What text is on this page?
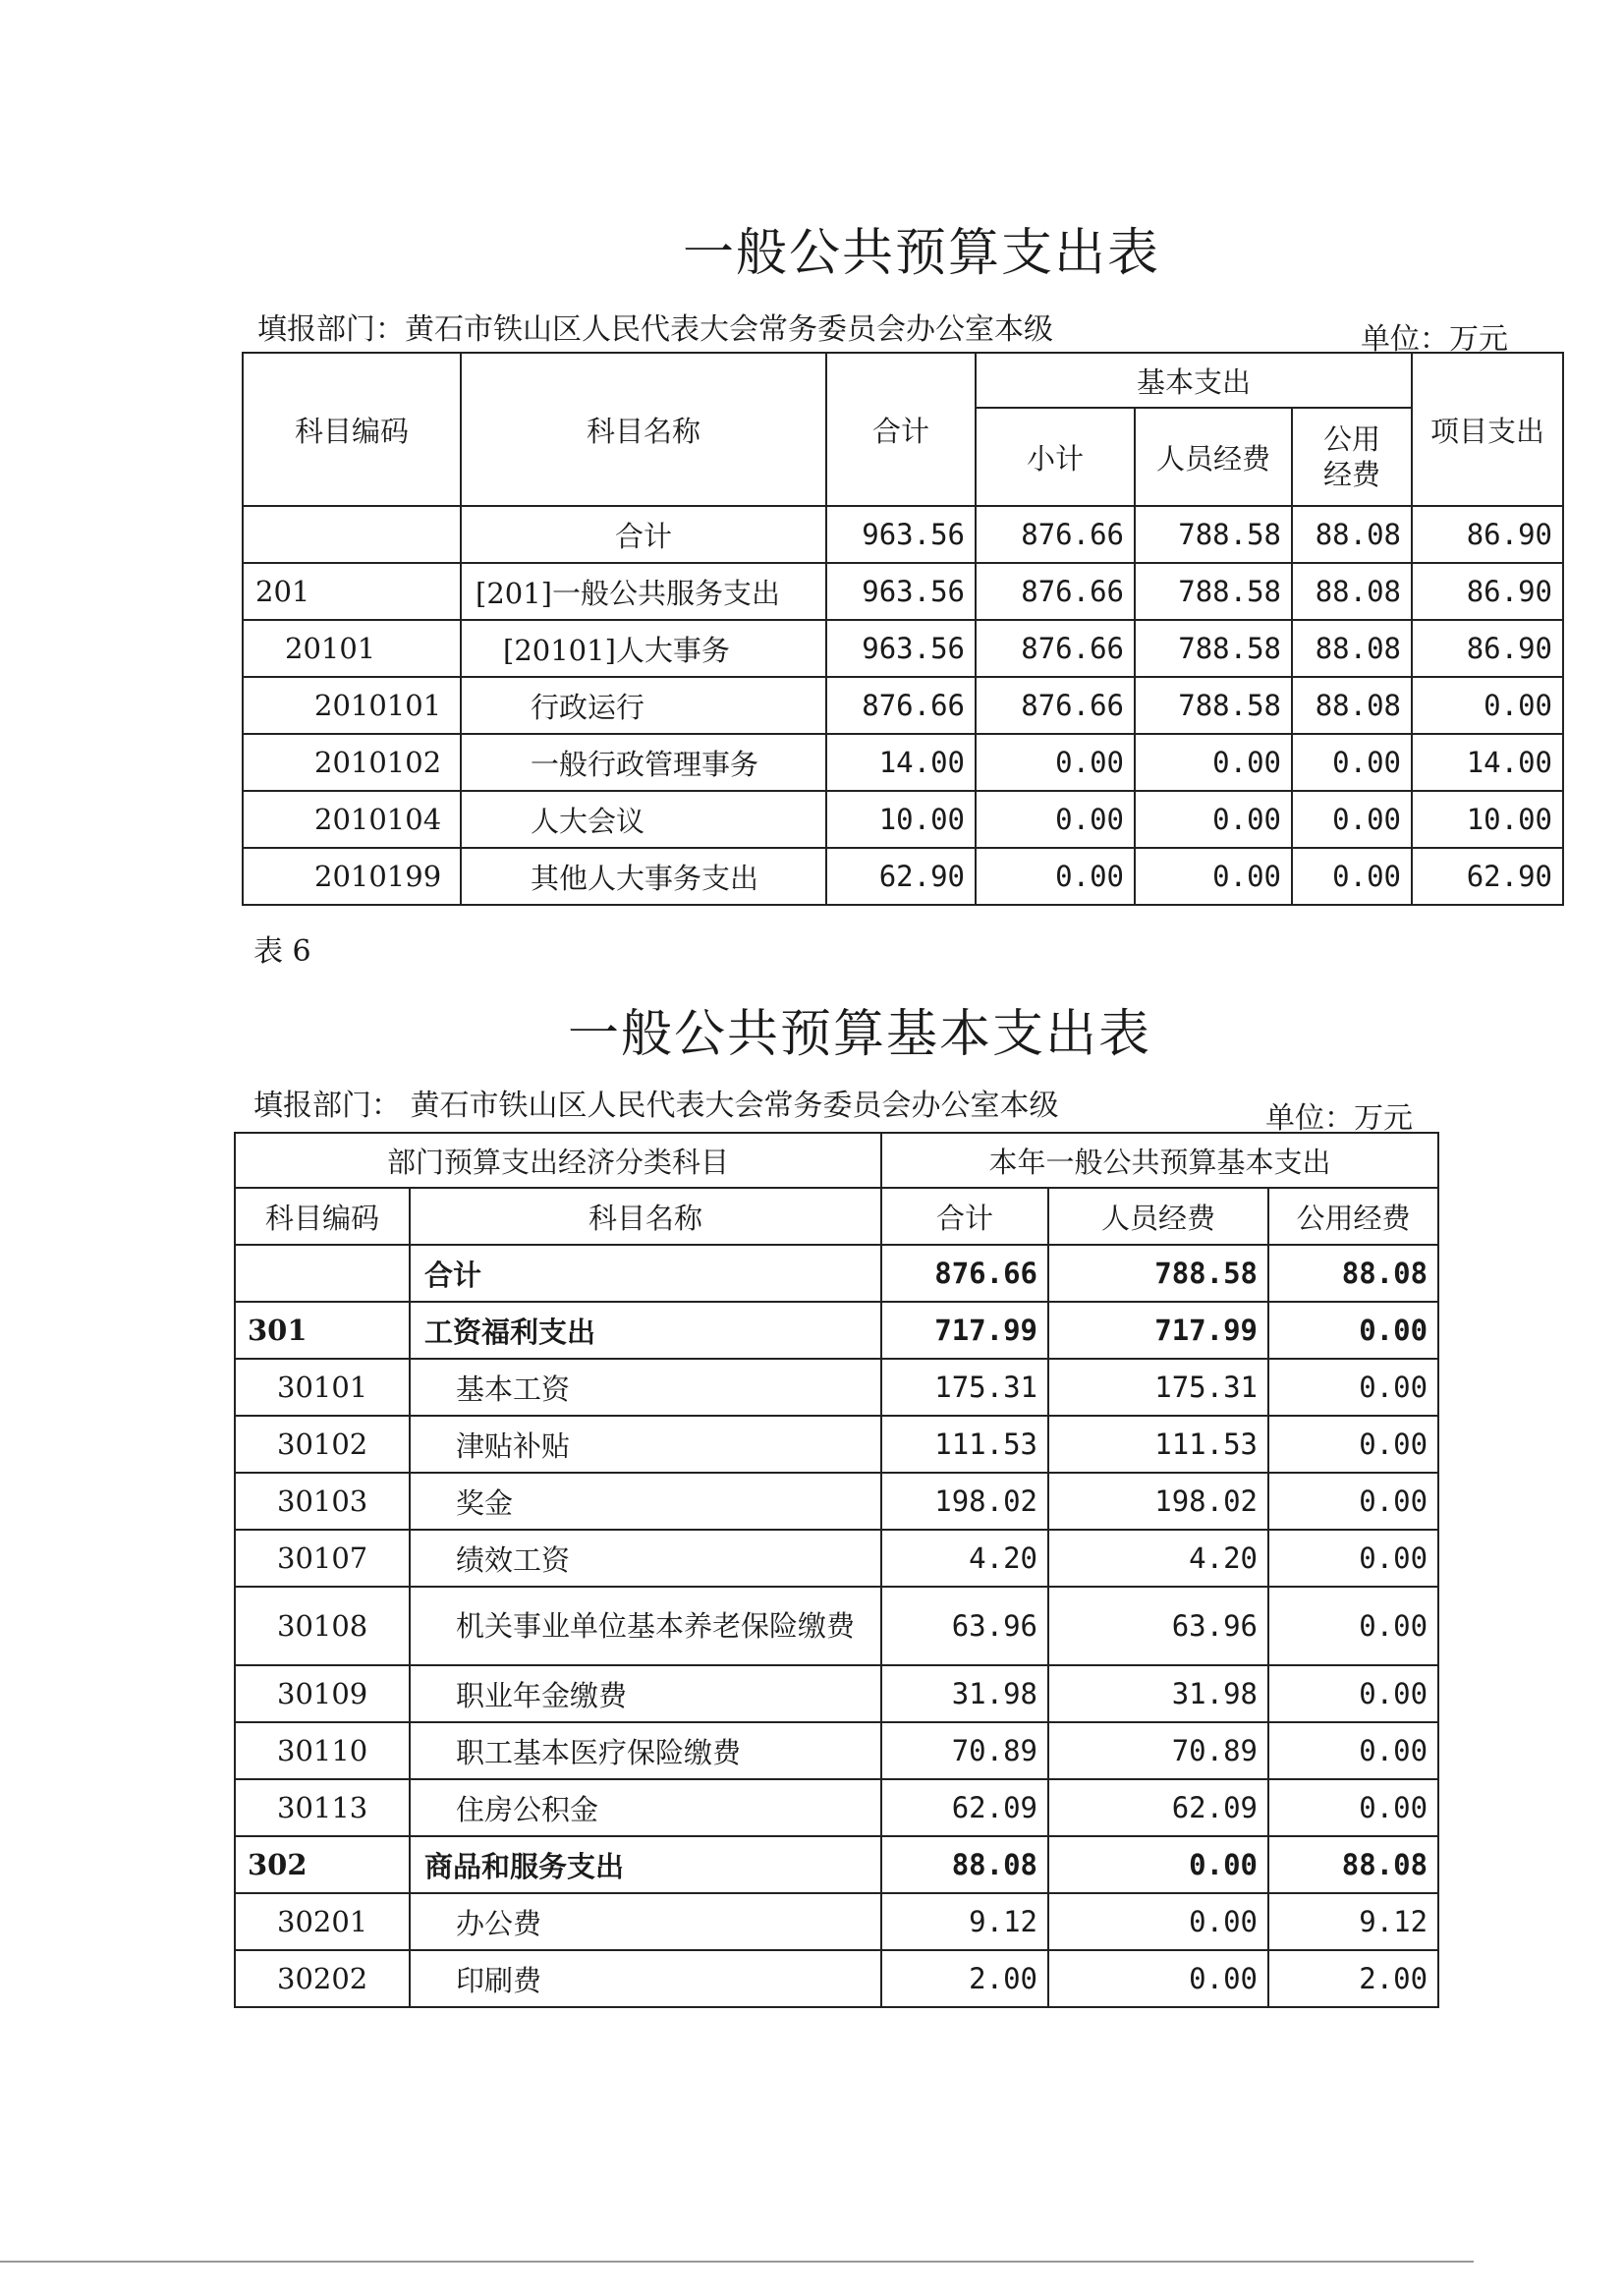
一般公共预算支出表
填报部门：黄石市铁山区人民代表大会常务委员会办公室本级	单位：万元
科目编码	科目名称	合计	基本支出			项目支出
			小计	人员经费	公用
经费	
	合计	963.56	876.66	788.58	88.08	86.90
201	[201]一般公共服务支出	963.56	876.66	788.58	88.08	86.90
20101	[20101]人大事务	963.56	876.66	788.58	88.08	86.90
2010101	行政运行	876.66	876.66	788.58	88.08	0.00
2010102	一般行政管理事务	14.00	0.00	0.00	0.00	14.00
2010104	人大会议	10.00	0.00	0.00	0.00	10.00
2010199	其他人大事务支出	62.90	0.00	0.00	0.00	62.90
表 6
一般公共预算基本支出表
填报部门： 黄石市铁山区人民代表大会常务委员会办公室本级	单位：万元
部门预算支出经济分类科目		本年一般公共预算基本支出		
科目编码	科目名称	合计	人员经费	公用经费
	合计	876.66	788.58	88.08
301	工资福利支出	717.99	717.99	0.00
30101	基本工资	175.31	175.31	0.00
30102	津贴补贴	111.53	111.53	0.00
30103	奖金	198.02	198.02	0.00
30107	绩效工资	4.20	4.20	0.00
30108	机关事业单位基本养老保险缴费	63.96	63.96	0.00
30109	职业年金缴费	31.98	31.98	0.00
30110	职工基本医疗保险缴费	70.89	70.89	0.00
30113	住房公积金	62.09	62.09	0.00
302	商品和服务支出	88.08	0.00	88.08
30201	办公费	9.12	0.00	9.12
30202	印刷费	2.00	0.00	2.00
